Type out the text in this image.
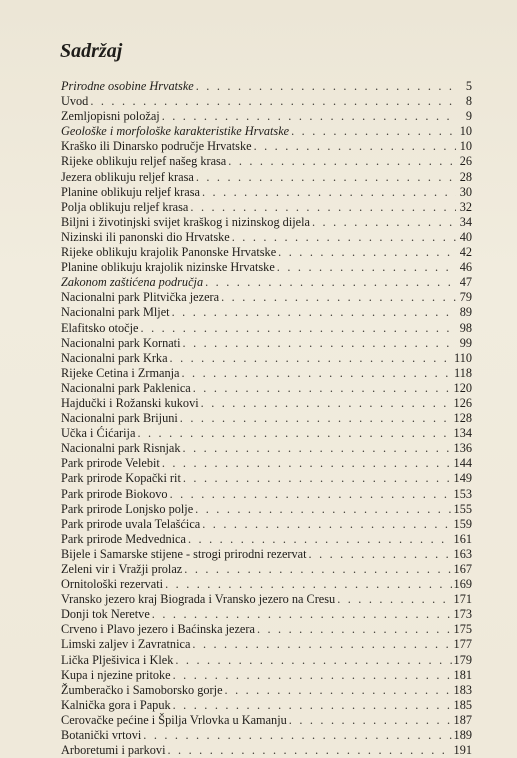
Sadržaj
Prirodne osobine Hrvatske . . .	5
Uvod . . .	8
Zemljopisni položaj . . .	9
Geološke i morfološke karakteristike Hrvatske . . .	10
Kraško ili Dinarsko područje Hrvatske . . .	10
Rijeke oblikuju reljef našeg krasa . . .	26
Jezera oblikuju reljef krasa . . .	28
Planine oblikuju reljef krasa . . .	30
Polja oblikuju reljef krasa . . .	32
Biljni i životinjski svijet kraškog i nizinskog dijela . . .	34
Nizinski ili panonski dio Hrvatske . . .	40
Rijeke oblikuju krajolik Panonske Hrvatske . . .	42
Planine oblikuju krajolik nizinske Hrvatske . . .	46
Zakonom zaštićena područja . . .	47
Nacionalni park Plitvička jezera . . .	79
Nacionalni park Mljet . . .	89
Elafitsko otočje . . .	98
Nacionalni park Kornati . . .	99
Nacionalni park Krka . . .	110
Rijeke Cetina i Zrmanja . . .	118
Nacionalni park Paklenica . . .	120
Hajdučki i Rožanski kukovi . . .	126
Nacionalni park Brijuni . . .	128
Učka i Ćićarija . . .	134
Nacionalni park Risnjak . . .	136
Park prirode Velebit . . .	144
Park prirode Kopački rit . . .	149
Park prirode Biokovo . . .	153
Park prirode Lonjsko polje . . .	155
Park prirode uvala Telašćica . . .	159
Park prirode Medvednica . . .	161
Bijele i Samarske stijene - strogi prirodni rezervat . . .	163
Zeleni vir i Vražji prolaz . . .	167
Ornitološki rezervati . . .	169
Vransko jezero kraj Biograda i Vransko jezero na Cresu . . .	171
Donji tok Neretve . . .	173
Crveno i Plavo jezero i Baćinska jezera . . .	175
Limski zaljev i Zavratnica . . .	177
Lička Plješivica i Klek . . .	179
Kupa i njezine pritoke . . .	181
Žumberačko i Samoborsko gorje . . .	183
Kalnička gora i Papuk . . .	185
Cerovačke pećine i Špilja Vrlovka u Kamanju . . .	187
Botanički vrtovi . . .	189
Arboretumi i parkovi . . .	191
